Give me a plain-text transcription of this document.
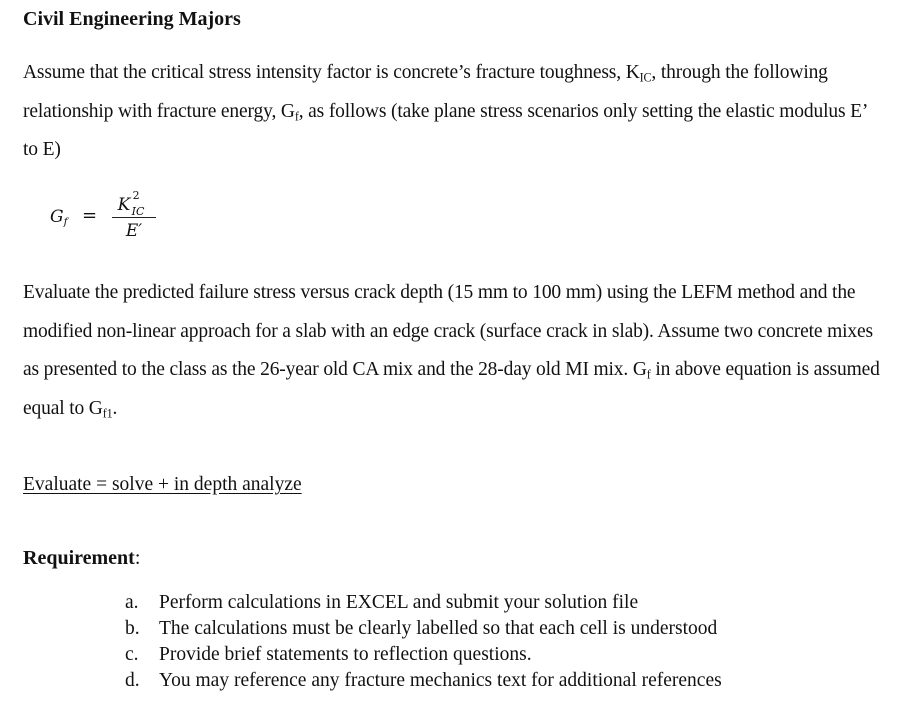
Civil Engineering Majors

Assume that the critical stress intensity factor is concrete’s fracture toughness, $K_{IC}$, through the following relationship with fracture energy, $G_f$, as follows (take plane stress scenarios only setting the elastic modulus E’ to E)

$G_f$ =	K 2
IC
E′

Evaluate the predicted failure stress versus crack depth (15 mm to 100 mm) using the LEFM method and the modified non-linear approach for a slab with an edge crack (surface crack in slab). Assume two concrete mixes as presented to the class as the 26-year old CA mix and the 28-day old MI mix. $G_f$ in above equation is assumed equal to $G_{f1}$.

Evaluate = solve + in depth analyze

Requirement:

a. Perform calculations in EXCEL and submit your solution file
b. The calculations must be clearly labelled so that each cell is understood
c. Provide brief statements to reflection questions.
d. You may reference any fracture mechanics text for additional references
